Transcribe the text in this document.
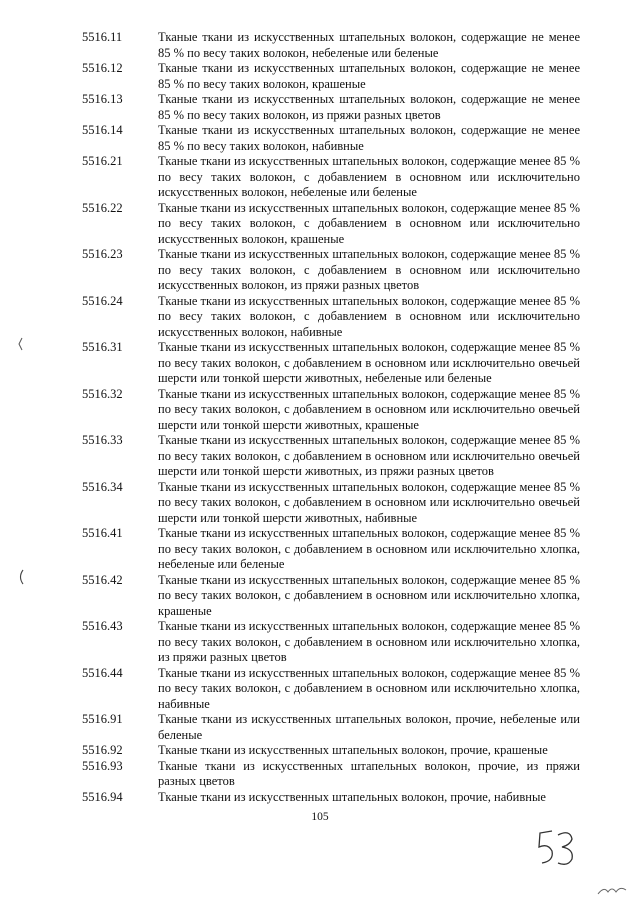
5516.11	Тканые ткани из искусственных штапельных волокон, содержащие не менее 85 % по весу таких волокон, небеленые или беленые
5516.12	Тканые ткани из искусственных штапельных волокон, содержащие не менее 85 % по весу таких волокон, крашеные
5516.13	Тканые ткани из искусственных штапельных волокон, содержащие не менее 85 % по весу таких волокон, из пряжи разных цветов
5516.14	Тканые ткани из искусственных штапельных волокон, содержащие не менее 85 % по весу таких волокон, набивные
5516.21	Тканые ткани из искусственных штапельных волокон, содержащие менее 85 % по весу таких волокон, с добавлением в основном или исключительно искусственных волокон, небеленые или беленые
5516.22	Тканые ткани из искусственных штапельных волокон, содержащие менее 85 % по весу таких волокон, с добавлением в основном или исключительно искусственных волокон, крашеные
5516.23	Тканые ткани из искусственных штапельных волокон, содержащие менее 85 % по весу таких волокон, с добавлением в основном или исключительно искусственных волокон, из пряжи разных цветов
5516.24	Тканые ткани из искусственных штапельных волокон, содержащие менее 85 % по весу таких волокон, с добавлением в основном или исключительно искусственных волокон, набивные
5516.31	Тканые ткани из искусственных штапельных волокон, содержащие менее 85 % по весу таких волокон, с добавлением в основном или исключительно овечьей шерсти или тонкой шерсти животных, небеленые или беленые
5516.32	Тканые ткани из искусственных штапельных волокон, содержащие менее 85 % по весу таких волокон, с добавлением в основном или исключительно овечьей шерсти или тонкой шерсти животных, крашеные
5516.33	Тканые ткани из искусственных штапельных волокон, содержащие менее 85 % по весу таких волокон, с добавлением в основном или исключительно овечьей шерсти или тонкой шерсти животных, из пряжи разных цветов
5516.34	Тканые ткани из искусственных штапельных волокон, содержащие менее 85 % по весу таких волокон, с добавлением в основном или исключительно овечьей шерсти или тонкой шерсти животных, набивные
5516.41	Тканые ткани из искусственных штапельных волокон, содержащие менее 85 % по весу таких волокон, с добавлением в основном или исключительно хлопка, небеленые или беленые
5516.42	Тканые ткани из искусственных штапельных волокон, содержащие менее 85 % по весу таких волокон, с добавлением в основном или исключительно хлопка, крашеные
5516.43	Тканые ткани из искусственных штапельных волокон, содержащие менее 85 % по весу таких волокон, с добавлением в основном или исключительно хлопка, из пряжи разных цветов
5516.44	Тканые ткани из искусственных штапельных волокон, содержащие менее 85 % по весу таких волокон, с добавлением в основном или исключительно хлопка, набивные
5516.91	Тканые ткани из искусственных штапельных волокон, прочие, небеленые или беленые
5516.92	Тканые ткани из искусственных штапельных волокон, прочие, крашеные
5516.93	Тканые ткани из искусственных штапельных волокон, прочие, из пряжи разных цветов
5516.94	Тканые ткани из искусственных штапельных волокон, прочие, набивные
105
